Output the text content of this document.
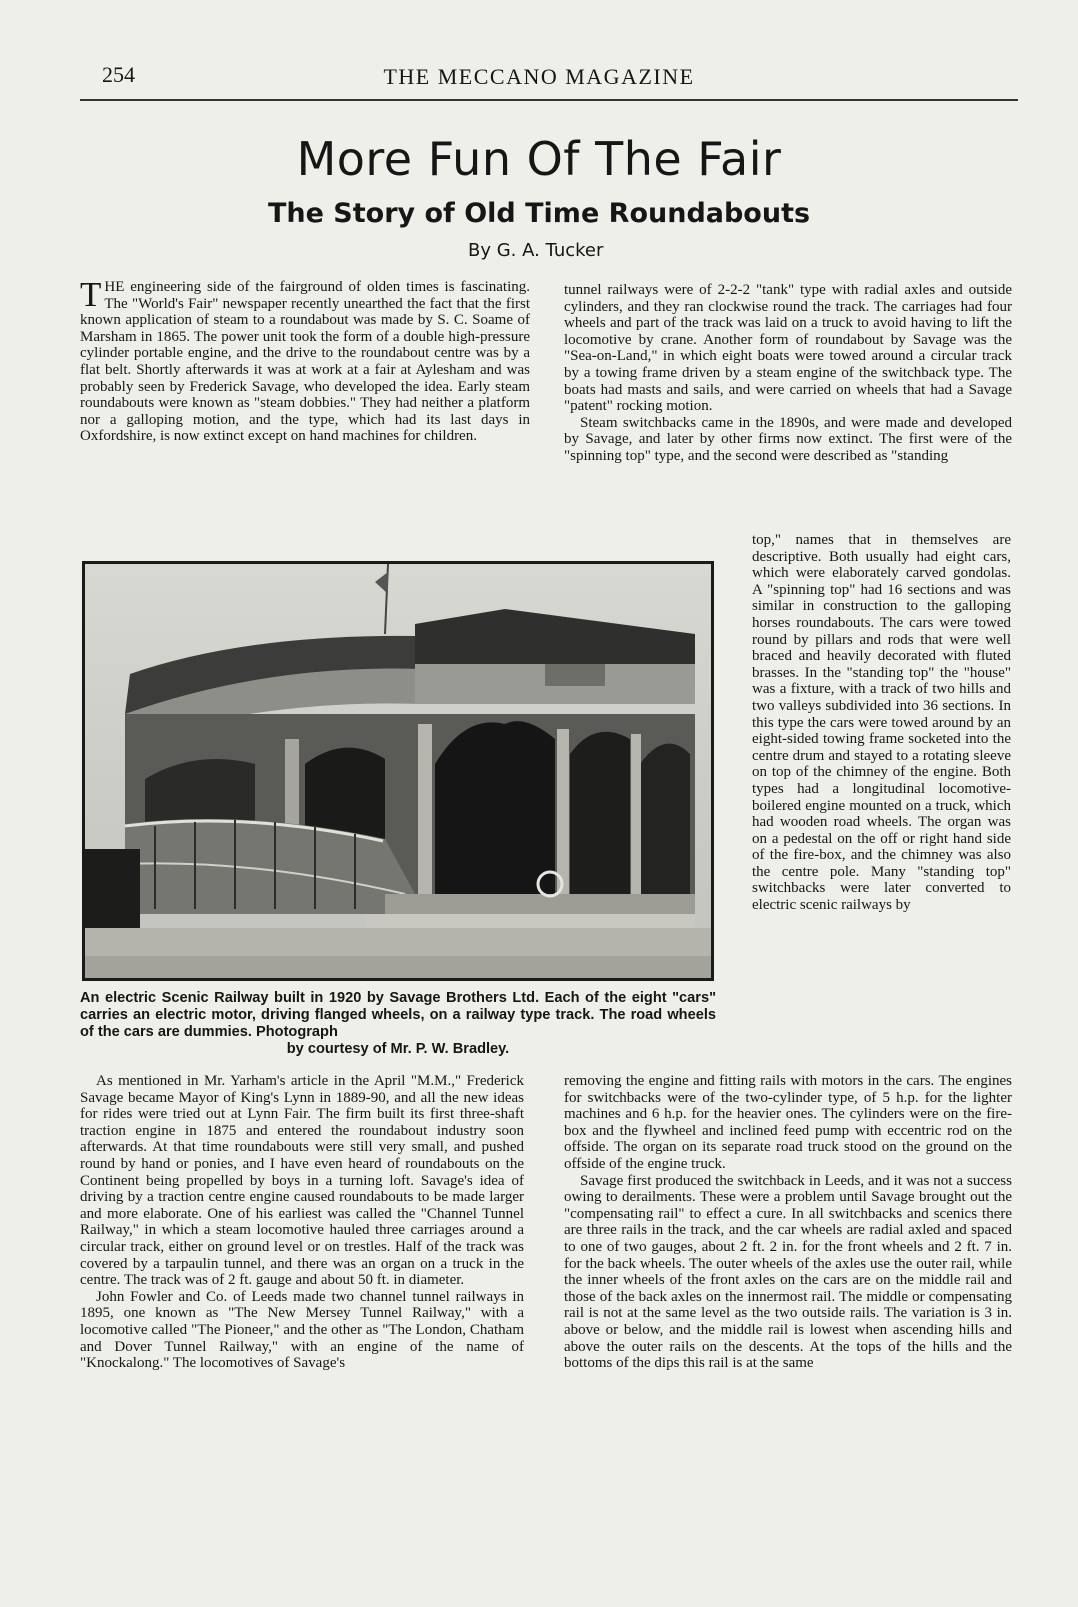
254	THE MECCANO MAGAZINE
More Fun Of The Fair
The Story of Old Time Roundabouts
By G. A. Tucker

THE engineering side of the fairground of olden times is fascinating. The "World's Fair" newspaper recently unearthed the fact that the first known application of steam to a roundabout was made by S. C. Soame of Marsham in 1865. The power unit took the form of a double high-pressure cylinder portable engine, and the drive to the roundabout centre was by a flat belt. Shortly afterwards it was at work at a fair at Aylesham and was probably seen by Frederick Savage, who developed the idea. Early steam roundabouts were known as "steam dobbies." They had neither a platform nor a galloping motion, and the type, which had its last days in Oxfordshire, is now extinct except on hand machines for children.

tunnel railways were of 2-2-2 "tank" type with radial axles and outside cylinders, and they ran clockwise round the track. The carriages had four wheels and part of the track was laid on a truck to avoid having to lift the locomotive by crane. Another form of roundabout by Savage was the "Sea-on-Land," in which eight boats were towed around a circular track by a towing frame driven by a steam engine of the switchback type. The boats had masts and sails, and were carried on wheels that had a Savage "patent" rocking motion.

Steam switchbacks came in the 1890s, and were made and developed by Savage, and later by other firms now extinct. The first were of the "spinning top" type, and the second were described as "standing

top," names that in themselves are descriptive. Both usually had eight cars, which were elaborately carved gondolas. A "spinning top" had 16 sections and was similar in construction to the galloping horses roundabouts. The cars were towed round by pillars and rods that were well braced and heavily decorated with fluted brasses. In the "standing top" the "house" was a fixture, with a track of two hills and two valleys subdivided into 36 sections. In this type the cars were towed around by an eight-sided towing frame socketed into the centre drum and stayed to a rotating sleeve on top of the chimney of the engine. Both types had a longitudinal locomotive-boilered engine mounted on a truck, which had wooden road wheels. The organ was on a pedestal on the off or right hand side of the fire-box, and the chimney was also the centre pole. Many "standing top" switchbacks were later converted to electric scenic railways by

An electric Scenic Railway built in 1920 by Savage Brothers Ltd. Each of the eight "cars" carries an electric motor, driving flanged wheels, on a railway type track. The road wheels of the cars are dummies. Photograph
by courtesy of Mr. P. W. Bradley.

As mentioned in Mr. Yarham's article in the April "M.M.," Frederick Savage became Mayor of King's Lynn in 1889-90, and all the new ideas for rides were tried out at Lynn Fair. The firm built its first three-shaft traction engine in 1875 and entered the roundabout industry soon afterwards. At that time roundabouts were still very small, and pushed round by hand or ponies, and I have even heard of roundabouts on the Continent being propelled by boys in a turning loft. Savage's idea of driving by a traction centre engine caused roundabouts to be made larger and more elaborate. One of his earliest was called the "Channel Tunnel Railway," in which a steam locomotive hauled three carriages around a circular track, either on ground level or on trestles. Half of the track was covered by a tarpaulin tunnel, and there was an organ on a truck in the centre. The track was of 2 ft. gauge and about 50 ft. in diameter.

John Fowler and Co. of Leeds made two channel tunnel railways in 1895, one known as "The New Mersey Tunnel Railway," with a locomotive called "The Pioneer," and the other as "The London, Chatham and Dover Tunnel Railway," with an engine of the name of "Knockalong." The locomotives of Savage's

removing the engine and fitting rails with motors in the cars. The engines for switchbacks were of the two-cylinder type, of 5 h.p. for the lighter machines and 6 h.p. for the heavier ones. The cylinders were on the fire-box and the flywheel and inclined feed pump with eccentric rod on the offside. The organ on its separate road truck stood on the ground on the offside of the engine truck.

Savage first produced the switchback in Leeds, and it was not a success owing to derailments. These were a problem until Savage brought out the "compensating rail" to effect a cure. In all switchbacks and scenics there are three rails in the track, and the car wheels are radial axled and spaced to one of two gauges, about 2 ft. 2 in. for the front wheels and 2 ft. 7 in. for the back wheels. The outer wheels of the axles use the outer rail, while the inner wheels of the front axles on the cars are on the middle rail and those of the back axles on the innermost rail. The middle or compensating rail is not at the same level as the two outside rails. The variation is 3 in. above or below, and the middle rail is lowest when ascending hills and above the outer rails on the descents. At the tops of the hills and the bottoms of the dips this rail is at the same
